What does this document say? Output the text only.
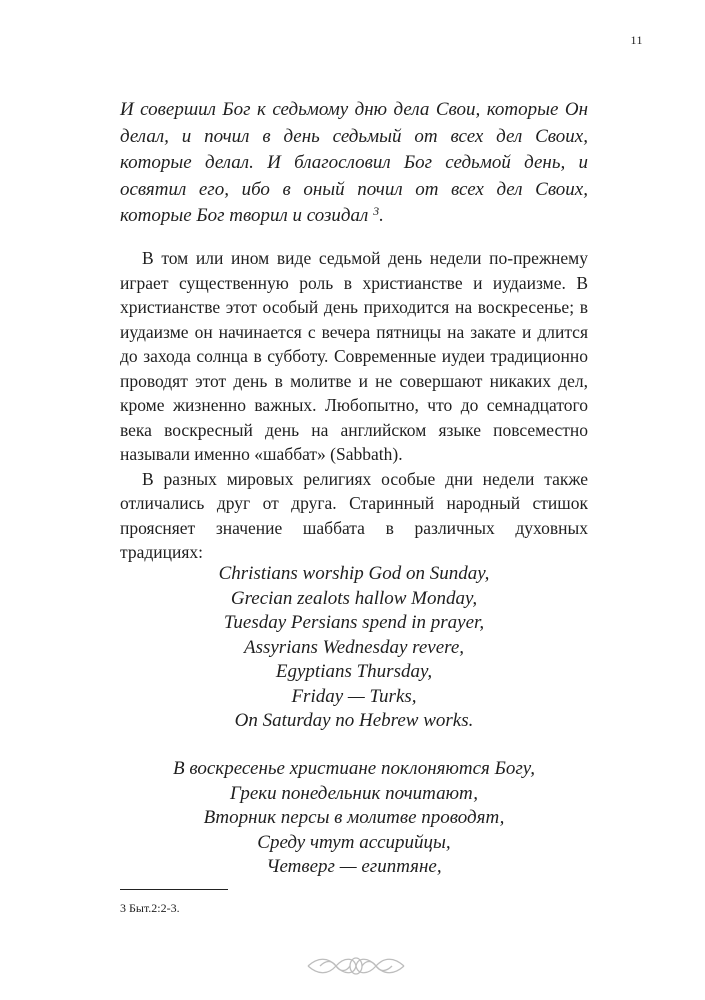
11

И совершил Бог к седьмому дню дела Свои, которые Он делал, и почил в день седьмый от всех дел Своих, которые делал. И благословил Бог седьмой день, и освятил его, ибо в оный почил от всех дел Своих, которые Бог творил и созидал $^3$.

В том или ином виде седьмой день недели по-прежнему играет существенную роль в христианстве и иудаизме. В христианстве этот особый день приходится на воскресенье; в иудаизме он начинается с вечера пятницы на закате и длится до захода солнца в субботу. Современные иудеи традиционно проводят этот день в молитве и не совершают никаких дел, кроме жизненно важных. Любопытно, что до семнадцатого века воскресный день на английском языке повсеместно называли именно «шаббат» (Sabbath).

В разных мировых религиях особые дни недели также отличались друг от друга. Старинный народный стишок проясняет значение шаббата в различных духовных традициях:

Christians worship God on Sunday,
Grecian zealots hallow Monday,
Tuesday Persians spend in prayer,
Assyrians Wednesday revere,
Egyptians Thursday,
Friday — Turks,
On Saturday no Hebrew works.
В воскресенье христиане поклоняются Богу,
Греки понедельник почитают,
Вторник персы в молитве проводят,
Среду чтут ассирийцы,
Четверг — египтяне,
3 Быт.2:2-3.
